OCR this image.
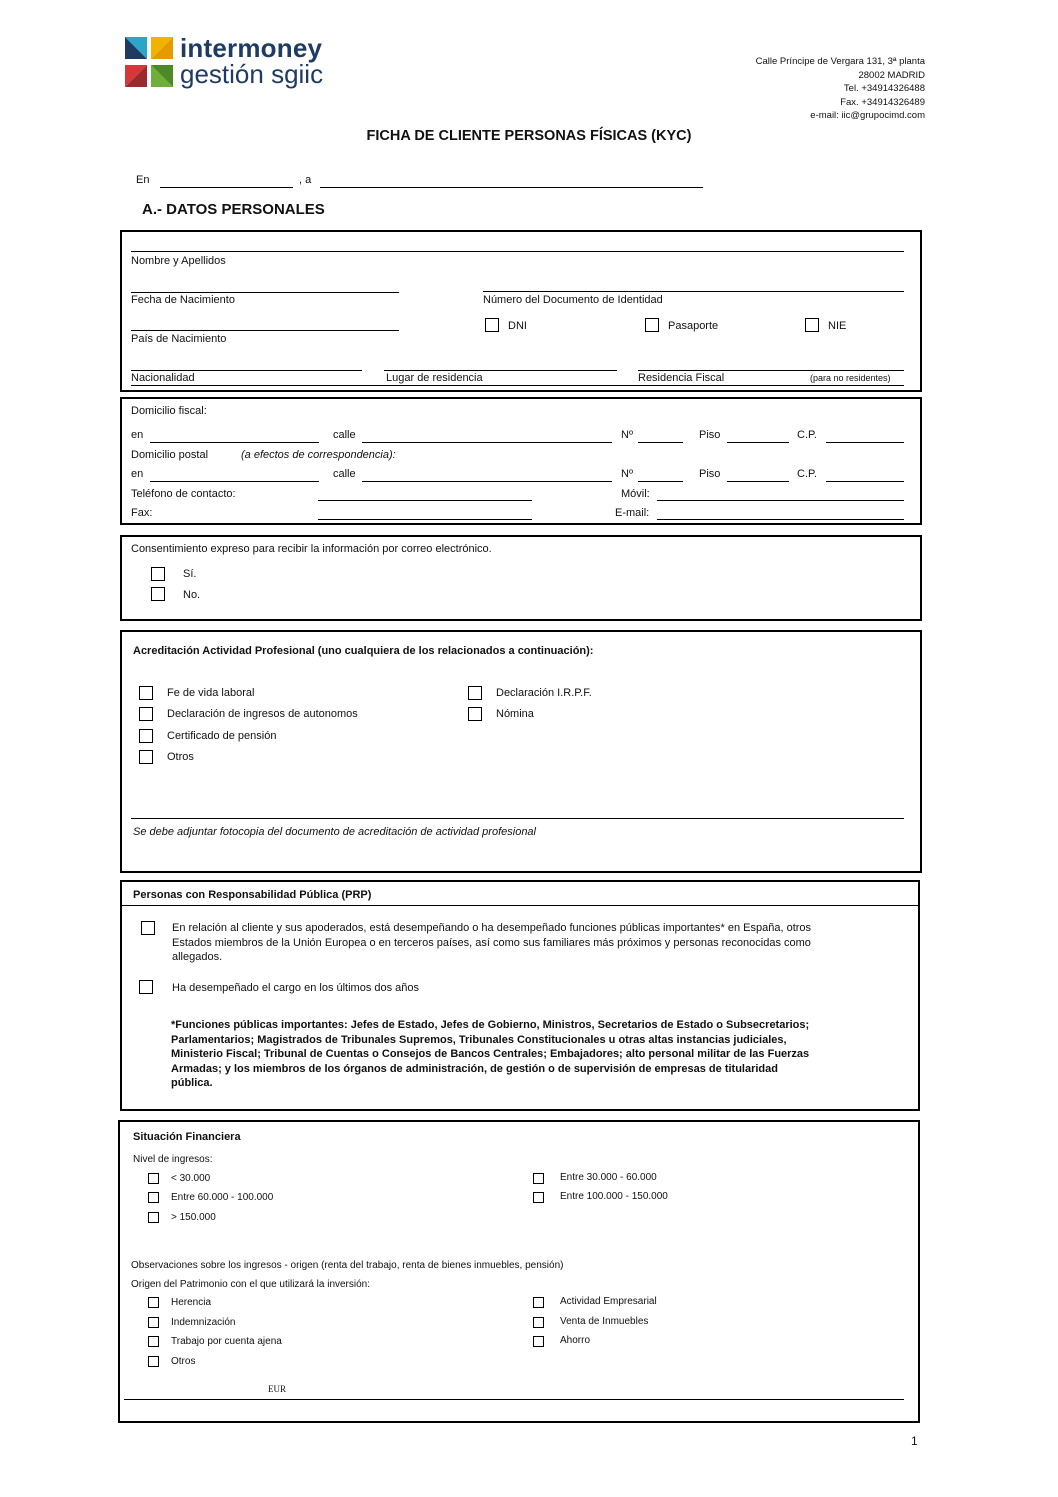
intermoney
gestión sgiic	Calle Príncipe de Vergara 131, 3ª planta
28002 MADRID
Tel. +34914326488
Fax. +34914326489
e-mail: iic@grupocimd.com
FICHA DE CLIENTE PERSONAS FÍSICAS (KYC)
En	, a
A.- DATOS PERSONALES
Nombre y Apellidos
Fecha de Nacimiento	Número del Documento de Identidad
DNI	Pasaporte	NIE
País de Nacimiento
Nacionalidad	Lugar de residencia	Residencia Fiscal	(para no residentes)
Domicilio fiscal:
en	calle	Nº	Piso	C.P.
Domicilio postal	(a efectos de correspondencia):
en	calle	Nº	Piso	C.P.
Teléfono de contacto:	Móvil:
Fax:	E-mail:
Consentimiento expreso para recibir la información por correo electrónico.
Sí.
No.
Acreditación Actividad Profesional (uno cualquiera de los relacionados a continuación):
Fe de vida laboral
Declaración de ingresos de autonomos
Certificado de pensión
Otros
Declaración I.R.P.F.
Nómina
Se debe adjuntar fotocopia del documento de acreditación de actividad profesional
Personas con Responsabilidad Pública (PRP)
En relación al cliente y sus apoderados, está desempeñando o ha desempeñado funciones públicas importantes* en España, otros
Estados miembros de la Unión Europea o en terceros países, así como sus familiares más próximos y personas reconocidas como
allegados.
Ha desempeñado el cargo en los últimos dos años
*Funciones públicas importantes: Jefes de Estado, Jefes de Gobierno, Ministros, Secretarios de Estado o Subsecretarios;
Parlamentarios; Magistrados de Tribunales Supremos, Tribunales Constitucionales u otras altas instancias judiciales,
Ministerio Fiscal; Tribunal de Cuentas o Consejos de Bancos Centrales; Embajadores; alto personal militar de las Fuerzas
Armadas; y los miembros de los órganos de administración, de gestión o de supervisión de empresas de titularidad
pública.
Situación Financiera
Nivel de ingresos:
< 30.000
Entre 60.000 - 100.000
> 150.000
Entre 30.000 - 60.000
Entre 100.000 - 150.000
Observaciones sobre los ingresos - origen (renta del trabajo, renta de bienes inmuebles, pensión)
Origen del Patrimonio con el que utilizará la inversión:
Herencia
Indemnización
Trabajo por cuenta ajena
Otros
Actividad Empresarial
Venta de Inmuebles
Ahorro
EUR
1
